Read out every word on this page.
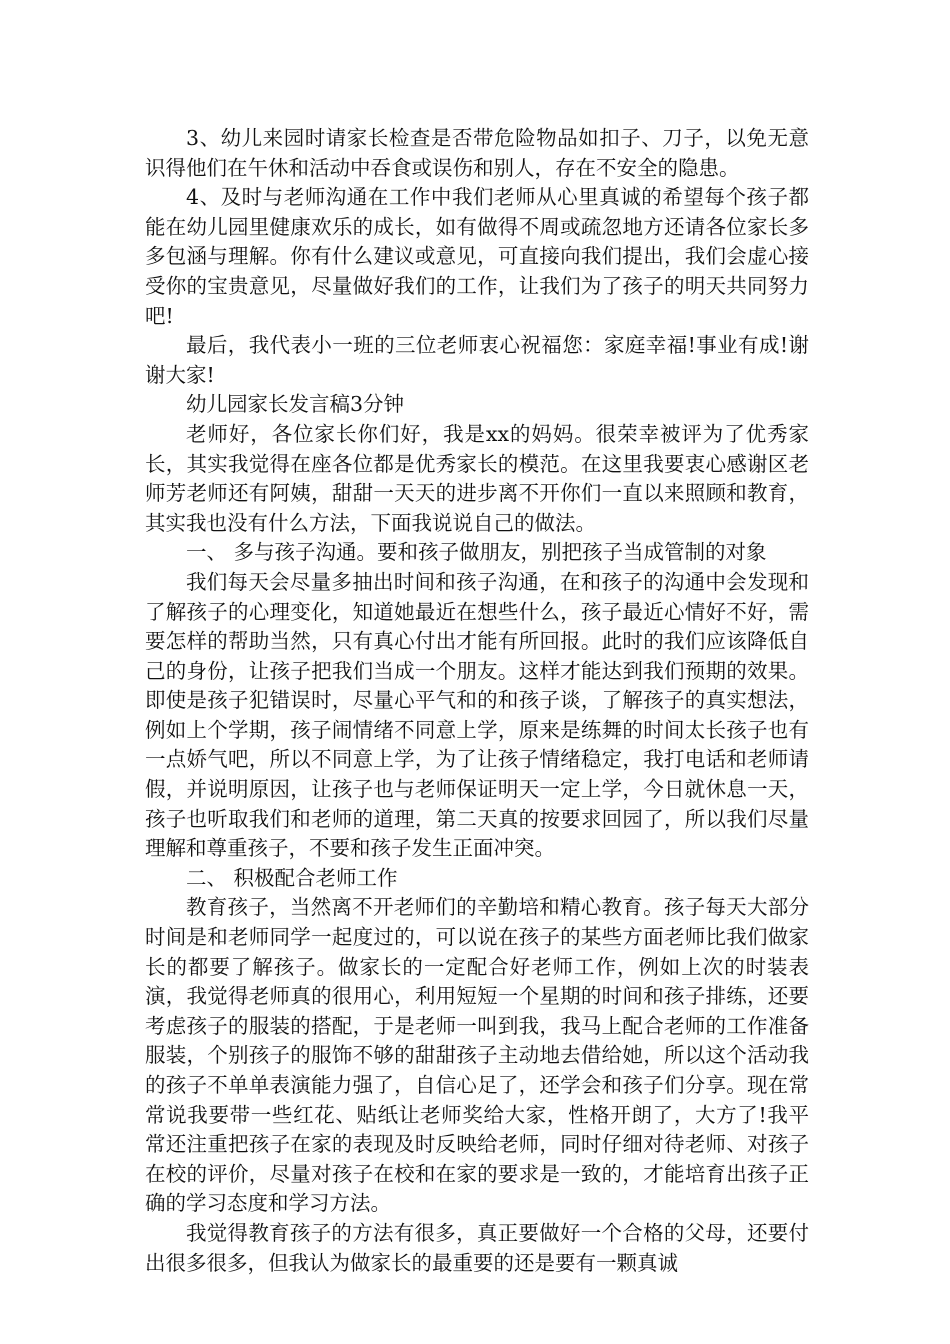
3、幼儿来园时请家长检查是否带危险物品如扣子、刀子，以免无意识得他们在午休和活动中吞食或误伤和别人，存在不安全的隐患。

4、及时与老师沟通在工作中我们老师从心里真诚的希望每个孩子都能在幼儿园里健康欢乐的成长，如有做得不周或疏忽地方还请各位家长多多包涵与理解。你有什么建议或意见，可直接向我们提出，我们会虚心接受你的宝贵意见，尽量做好我们的工作，让我们为了孩子的明天共同努力吧!

最后，我代表小一班的三位老师衷心祝福您：家庭幸福!事业有成!谢谢大家!

幼儿园家长发言稿3分钟

老师好，各位家长你们好，我是xx的妈妈。很荣幸被评为了优秀家长，其实我觉得在座各位都是优秀家长的模范。在这里我要衷心感谢区老师芳老师还有阿姨，甜甜一天天的进步离不开你们一直以来照顾和教育，其实我也没有什么方法，下面我说说自己的做法。

一、 多与孩子沟通。要和孩子做朋友，别把孩子当成管制的对象

我们每天会尽量多抽出时间和孩子沟通，在和孩子的沟通中会发现和了解孩子的心理变化，知道她最近在想些什么，孩子最近心情好不好，需要怎样的帮助当然，只有真心付出才能有所回报。此时的我们应该降低自己的身份，让孩子把我们当成一个朋友。这样才能达到我们预期的效果。即使是孩子犯错误时，尽量心平气和的和孩子谈，了解孩子的真实想法，例如上个学期，孩子闹情绪不同意上学，原来是练舞的时间太长孩子也有一点娇气吧，所以不同意上学，为了让孩子情绪稳定，我打电话和老师请假，并说明原因，让孩子也与老师保证明天一定上学，今日就休息一天，孩子也听取我们和老师的道理，第二天真的按要求回园了，所以我们尽量理解和尊重孩子，不要和孩子发生正面冲突。

二、 积极配合老师工作

教育孩子，当然离不开老师们的辛勤培和精心教育。孩子每天大部分时间是和老师同学一起度过的，可以说在孩子的某些方面老师比我们做家长的都要了解孩子。做家长的一定配合好老师工作，例如上次的时装表演，我觉得老师真的很用心，利用短短一个星期的时间和孩子排练，还要考虑孩子的服装的搭配，于是老师一叫到我，我马上配合老师的工作准备服装，个别孩子的服饰不够的甜甜孩子主动地去借给她，所以这个活动我的孩子不单单表演能力强了，自信心足了，还学会和孩子们分享。现在常常说我要带一些红花、贴纸让老师奖给大家，性格开朗了，大方了!我平常还注重把孩子在家的表现及时反映给老师，同时仔细对待老师、对孩子在校的评价，尽量对孩子在校和在家的要求是一致的，才能培育出孩子正确的学习态度和学习方法。

我觉得教育孩子的方法有很多，真正要做好一个合格的父母，还要付出很多很多，但我认为做家长的最重要的还是要有一颗真诚
